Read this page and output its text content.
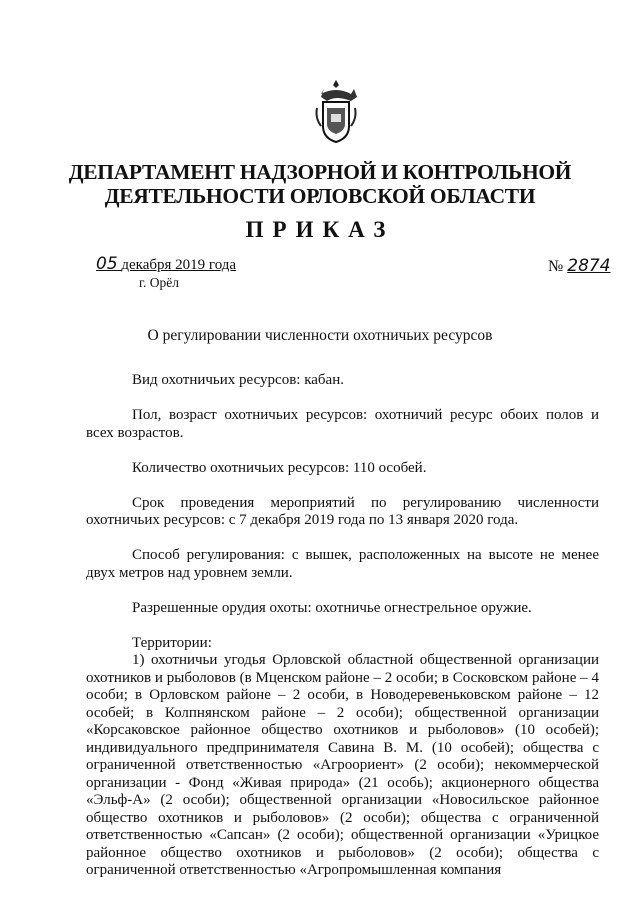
ДЕПАРТАМЕНТ НАДЗОРНОЙ И КОНТРОЛЬНОЙ
ДЕЯТЕЛЬНОСТИ ОРЛОВСКОЙ ОБЛАСТИ
ПРИКАЗ
05 декабря 2019 года
г. Орёл
№ 2874
О регулировании численности охотничьих ресурсов

Вид охотничьих ресурсов: кабан.

Пол, возраст охотничьих ресурсов: охотничий ресурс обоих полов и всех возрастов.

Количество охотничьих ресурсов: 110 особей.

Срок проведения мероприятий по регулированию численности охотничьих ресурсов: с 7 декабря 2019 года по 13 января 2020 года.

Способ регулирования: с вышек, расположенных на высоте не менее двух метров над уровнем земли.

Разрешенные орудия охоты: охотничье огнестрельное оружие.

Территории:

1) охотничьи угодья Орловской областной общественной организации охотников и рыболовов (в Мценском районе – 2 особи; в Сосковском районе – 4 особи; в Орловском районе – 2 особи, в Новодеревеньковском районе – 12 особей; в Колпнянском районе – 2 особи); общественной организации «Корсаковское районное общество охотников и рыболовов» (10 особей); индивидуального предпринимателя Савина В. М. (10 особей); общества с ограниченной ответственностью «Агроориент» (2 особи); некоммерческой организации - Фонд «Живая природа» (21 особь); акционерного общества «Эльф-А» (2 особи); общественной организации «Новосильское районное общество охотников и рыболовов» (2 особи); общества с ограниченной ответственностью «Сапсан» (2 особи); общественной организации «Урицкое районное общество охотников и рыболовов» (2 особи); общества с ограниченной ответственностью «Агропромышленная компания
